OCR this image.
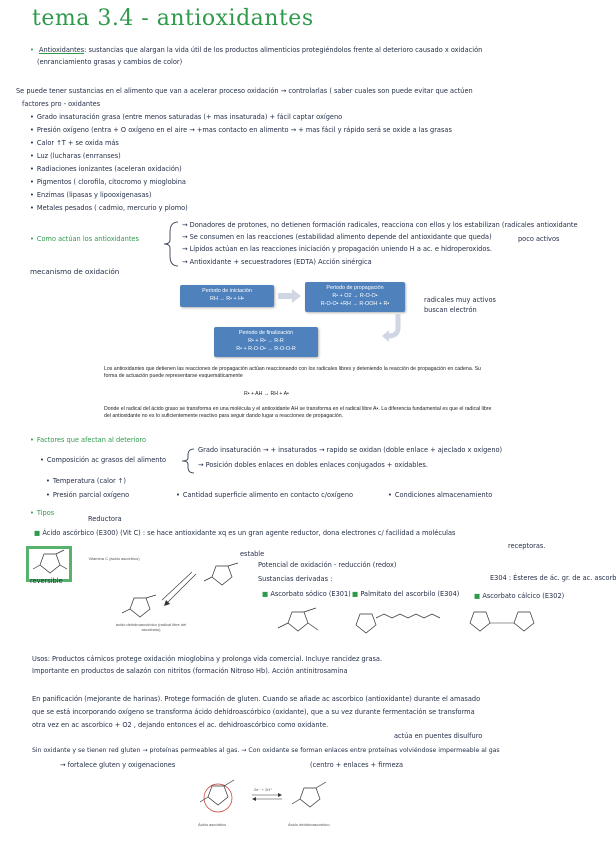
tema 3.4 - antioxidantes
• Antioxidantes: sustancias que alargan la vida útil de los productos alimenticios protegiéndolos frente al deterioro causado x oxidación
(enranciamiento grasas y cambios de color)
Se puede tener sustancias en el alimento que van a acelerar proceso oxidación → controlarlas ( saber cuales son puede evitar que actúen
factores pro - oxidantes
• Grado insaturación grasa (entre menos saturadas (+ mas insaturada) + fácil captar oxígeno
• Presión oxígeno (entra + O oxígeno en el aire → +mas contacto en alimento → + mas fácil y rápido será se oxide a las grasas
• Calor ↑T + se oxida más
• Luz (lucharas (enrranses)
• Radiaciones ionizantes (aceleran oxidación)
• Pigmentos ( clorofila, citocromo y mioglobina
• Enzimas (lipasas y lipooxigenasas)
• Metales pesados ( cadmio, mercurio y plomo)
• Como actúan los antioxidantes
→ Donadores de protones, no detienen formación radicales, reacciona con ellos y los estabilizan (radicales antioxidante
→ Se consumen en las reacciones (estabilidad alimento depende del antioxidante que queda)
→ Lípidos actúan en las reacciones iniciación y propagación uniendo H a ac. e hidroperoxidos.
→ Antioxidante + secuestradores (EDTA) Acción sinérgica
poco activos
mecanismo de oxidación
Periodo de iniciación
RH → R• + H•
Periodo de propagación
R• + O2 → R-O-O•
R-O-O• +RH → R-OOH + R•
Periodo de finalización
R• + R• → R-R
R• + R-O-O• → R-O-O-R
radicales muy activos
buscan electrón
Los antioxidantes que detienen las reacciones de propagación actúan reaccionando con los radicales libres y deteniendo la reacción de propagación en cadena. Su forma de actuación puede representarse esquemáticamente
R• + AH → RH + A•
Donde el radical del ácido graso se transforma en una molécula y el antioxidante AH se transforma en el radical libre A•. La diferencia fundamental es que el radical libre del antioxidante no es lo suficientemente reactivo para seguir dando lugar a reacciones de propagación.
• Factores que afectan al deterioro
• Composición ac grasos del alimento
Grado insaturación → + insaturados → rapido se oxidan (doble enlace + ajeclado x oxígeno)
→ Posición dobles enlaces en dobles enlaces conjugados + oxidables.
• Temperatura (calor ↑)
• Presión parcial oxígeno	• Cantidad superficie alimento en contacto c/oxígeno	• Condiciones almacenamiento
• Tipos
Reductora
■ Ácido ascórbico (E300) (Vit C) : se hace antioxidante xq es un gran agente reductor, dona electrones c/ facilidad a moléculas
receptoras.
Vitamina C (ácido ascórbico)
estable
reversible
ácido dehidroascórbico (radical libre del ascorbato)
Potencial de oxidación - reducción (redox)
Sustancias derivadas :	E304 : Ésteres de ác. gr. de ac. ascorb
■ Ascorbato sódico (E301) ■ Palmitato del ascorbilo (E304) ■ Ascorbato cálcico (E302)
Usos: Productos cárnicos protege oxidación mioglobina y prolonga vida comercial. Incluye rancidez grasa.
Importante en productos de salazón con nitritos (formación Nitroso Hb). Acción antinitrosamina
En panificación (mejorante de harinas). Protege formación de gluten. Cuando se añade ac ascorbico (antioxidante) durante el amasado
que se está incorporando oxígeno se transforma ácido dehidroascórbico (oxidante), que a su vez durante fermentación se transforma
otra vez en ac ascorbico + O2 , dejando entonces el ac. dehidroascórbico como oxidante.
actúa en puentes disulfuro
Sin oxidante y se tienen red gluten → proteínas permeables al gas. → Con oxidante se forman enlaces entre proteínas volviéndose impermeable al gas
→ fortalece gluten y oxigenaciones	(centro + enlaces + firmeza
2e⁻ + 2H⁺
Ácido ascórbico	Ácido dehidroascórbico
